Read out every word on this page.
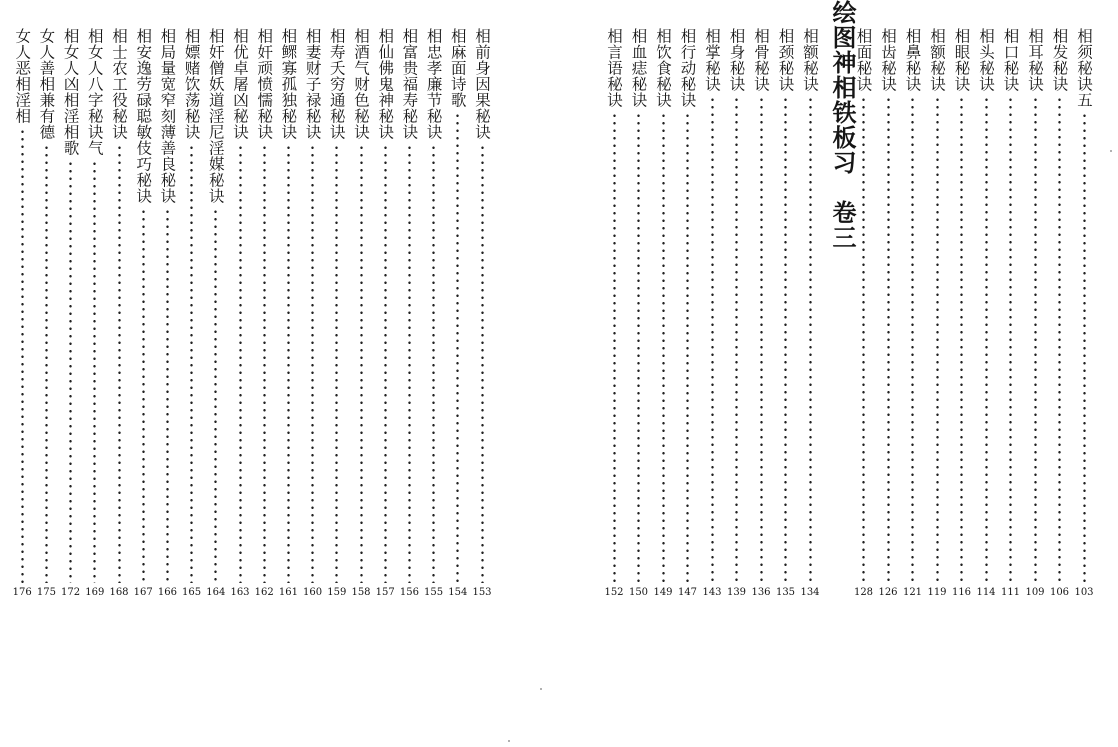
相前身因果秘诀
153
相麻面诗歌
154
相忠孝廉节秘诀
155
相富贵福寿秘诀
156
相仙佛鬼神秘诀
157
相酒气财色秘诀
158
相寿夭穷通秘诀
159
相妻财子禄秘诀
160
相鳏寡孤独秘诀
161
相奸顽愤懦秘诀
162
相优卓屠凶秘诀
163
相奸僧妖道淫尼淫媒秘诀
164
相嫖赌饮荡秘诀
165
相局量宽窄刻薄善良秘诀
166
相安逸劳碌聪敏伎巧秘诀
167
相士农工役秘诀
168
相女人八字秘诀气
169
相女人凶相淫相歌
172
女人善相兼有德
175
女人恶相淫相
176
绘图神相铁板习　卷三	相须秘诀五
103
相发秘诀
106
相耳秘诀
109
相口秘诀
111
相头秘诀
114
相眼秘诀
116
相额秘诀
119
相鼻秘诀
121
相齿秘诀
126
相面秘诀
128
相额秘诀
134
相颈秘诀
135
相骨秘诀
136
相身秘诀
139
相掌秘诀
143
相行动秘诀
147
相饮食秘诀
149
相血痣秘诀
150
相言语秘诀
152
